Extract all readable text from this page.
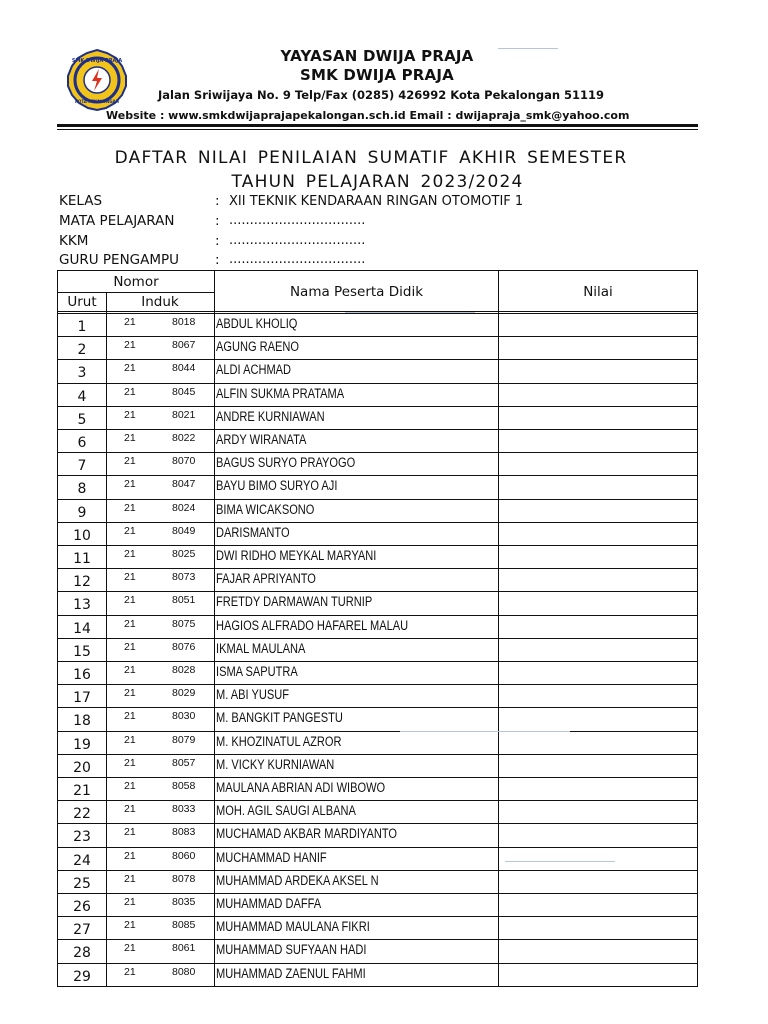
SMK DWIJA PRAJA
KOTA PEKALONGAN
YAYASAN DWIJA PRAJA
SMK DWIJA PRAJA
Jalan Sriwijaya No. 9 Telp/Fax (0285) 426992 Kota Pekalongan 51119
Website : www.smkdwijaprajapekalongan.sch.id Email : dwijapraja_smk@yahoo.com
DAFTAR NILAI PENILAIAN SUMATIF AKHIR SEMESTER
TAHUN PELAJARAN 2023/2024
KELAS	: XII TEKNIK KENDARAAN RINGAN OTOMOTIF 1
MATA PELAJARAN	: .................................
KKM	: .................................
GURU PENGAMPU	: .................................
Nomor
Urut	Induk
Nama Peserta Didik	Nilai
1	21	8018 ABDUL KHOLIQ
2	21	8067 AGUNG RAENO
3	21	8044 ALDI ACHMAD
4	21	8045 ALFIN SUKMA PRATAMA
5	21	8021 ANDRE KURNIAWAN
6	21	8022 ARDY WIRANATA
7	21	8070 BAGUS SURYO PRAYOGO
8	21	8047 BAYU BIMO SURYO AJI
9	21	8024 BIMA WICAKSONO
10	21	8049 DARISMANTO
11	21	8025 DWI RIDHO MEYKAL MARYANI
12	21	8073 FAJAR APRIYANTO
13	21	8051 FRETDY DARMAWAN TURNIP
14	21	8075 HAGIOS ALFRADO HAFAREL MALAU
15	21	8076 IKMAL MAULANA
16	21	8028 ISMA SAPUTRA
17	21	8029 M. ABI YUSUF
18	21	8030 M. BANGKIT PANGESTU
19	21	8079 M. KHOZINATUL AZROR
20	21	8057 M. VICKY KURNIAWAN
21	21	8058 MAULANA ABRIAN ADI WIBOWO
22	21	8033 MOH. AGIL SAUGI ALBANA
23	21	8083 MUCHAMAD AKBAR MARDIYANTO
24	21	8060 MUCHAMMAD HANIF
25	21	8078 MUHAMMAD ARDEKA AKSEL N
26	21	8035 MUHAMMAD DAFFA
27	21	8085 MUHAMMAD MAULANA FIKRI
28	21	8061 MUHAMMAD SUFYAAN HADI
29	21	8080 MUHAMMAD ZAENUL FAHMI
